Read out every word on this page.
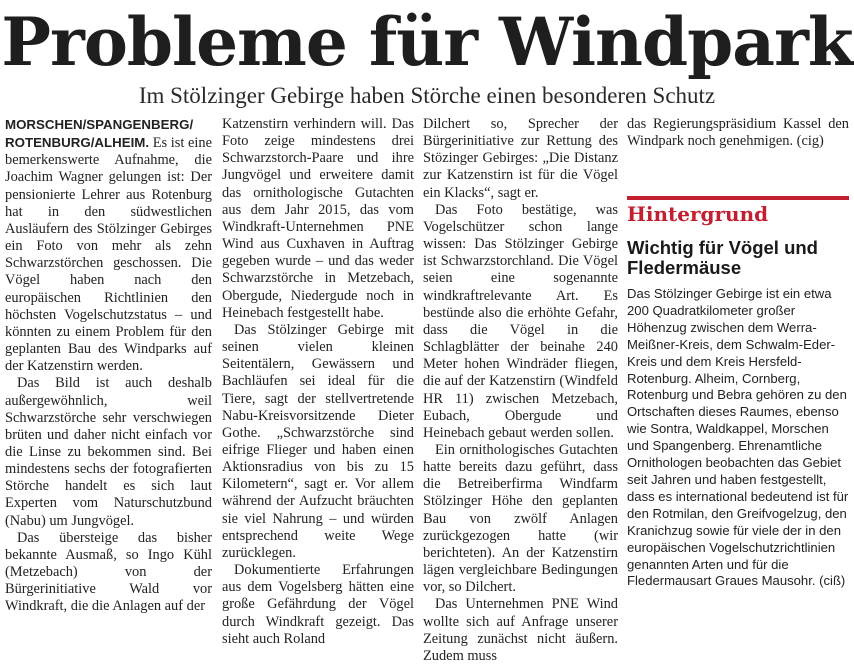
Probleme für Windpark
Im Stölzinger Gebirge haben Störche einen besonderen Schutz

MORSCHEN/SPANGENBERG/ ROTENBURG/ALHEIM. Es ist eine bemerkenswerte Aufnahme, die Joachim Wagner gelungen ist: Der pensionierte Lehrer aus Rotenburg hat in den südwestlichen Ausläufern des Stölzinger Gebirges ein Foto von mehr als zehn Schwarzstörchen geschossen. Die Vögel haben nach den europäischen Richtlinien den höchsten Vogelschutzstatus – und könnten zu einem Problem für den geplanten Bau des Windparks auf der Katzenstirn werden.

Das Bild ist auch deshalb außergewöhnlich, weil Schwarzstörche sehr verschwiegen brüten und daher nicht einfach vor die Linse zu bekommen sind. Bei mindestens sechs der fotografierten Störche handelt es sich laut Experten vom Naturschutzbund (Nabu) um Jungvögel.

Das übersteige das bisher bekannte Ausmaß, so Ingo Kühl (Metzebach) von der Bürgerinitiative Wald vor Windkraft, die die Anlagen auf der

Katzenstirn verhindern will. Das Foto zeige mindestens drei Schwarzstorch-Paare und ihre Jungvögel und erweitere damit das ornithologische Gutachten aus dem Jahr 2015, das vom Windkraft-Unternehmen PNE Wind aus Cuxhaven in Auftrag gegeben wurde – und das weder Schwarzstörche in Metzebach, Obergude, Niedergude noch in Heinebach festgestellt habe.

Das Stölzinger Gebirge mit seinen vielen kleinen Seitentälern, Gewässern und Bachläufen sei ideal für die Tiere, sagt der stellvertretende Nabu-Kreisvorsitzende Dieter Gothe. „Schwarzstörche sind eifrige Flieger und haben einen Aktionsradius von bis zu 15 Kilometern“, sagt er. Vor allem während der Aufzucht bräuchten sie viel Nahrung – und würden entsprechend weite Wege zurücklegen.

Dokumentierte Erfahrungen aus dem Vogelsberg hätten eine große Gefährdung der Vögel durch Windkraft gezeigt. Das sieht auch Roland

Dilchert so, Sprecher der Bürgerinitiative zur Rettung des Stözinger Gebirges: „Die Distanz zur Katzenstirn ist für die Vögel ein Klacks“, sagt er.

Das Foto bestätige, was Vogelschützer schon lange wissen: Das Stölzinger Gebirge ist Schwarzstorchland. Die Vögel seien eine sogenannte windkraftrelevante Art. Es bestünde also die erhöhte Gefahr, dass die Vögel in die Schlagblätter der beinahe 240 Meter hohen Windräder fliegen, die auf der Katzenstirn (Windfeld HR 11) zwischen Metzebach, Eubach, Obergude und Heinebach gebaut werden sollen.

Ein ornithologisches Gutachten hatte bereits dazu geführt, dass die Betreiberfirma Windfarm Stölzinger Höhe den geplanten Bau von zwölf Anlagen zurückgezogen hatte (wir berichteten). An der Katzenstirn lägen vergleichbare Bedingungen vor, so Dilchert.

Das Unternehmen PNE Wind wollte sich auf Anfrage unserer Zeitung zunächst nicht äußern. Zudem muss

das Regierungspräsidium Kassel den Windpark noch genehmigen. (cig)

Hintergrund
Wichtig für Vögel und Fledermäuse
Das Stölzinger Gebirge ist ein etwa 200 Quadratkilometer großer Höhenzug zwischen dem Werra-Meißner-Kreis, dem Schwalm-Eder-Kreis und dem Kreis Hersfeld-Rotenburg. Alheim, Cornberg, Rotenburg und Bebra gehören zu den Ortschaften dieses Raumes, ebenso wie Sontra, Waldkappel, Morschen und Spangenberg. Ehrenamtliche Ornithologen beobachten das Gebiet seit Jahren und haben festgestellt, dass es international bedeutend ist für den Rotmilan, den Greifvogelzug, den Kranichzug sowie für viele der in den europäischen Vogelschutzrichtlinien genannten Arten und für die Fledermausart Graues Mausohr. (ciß)
